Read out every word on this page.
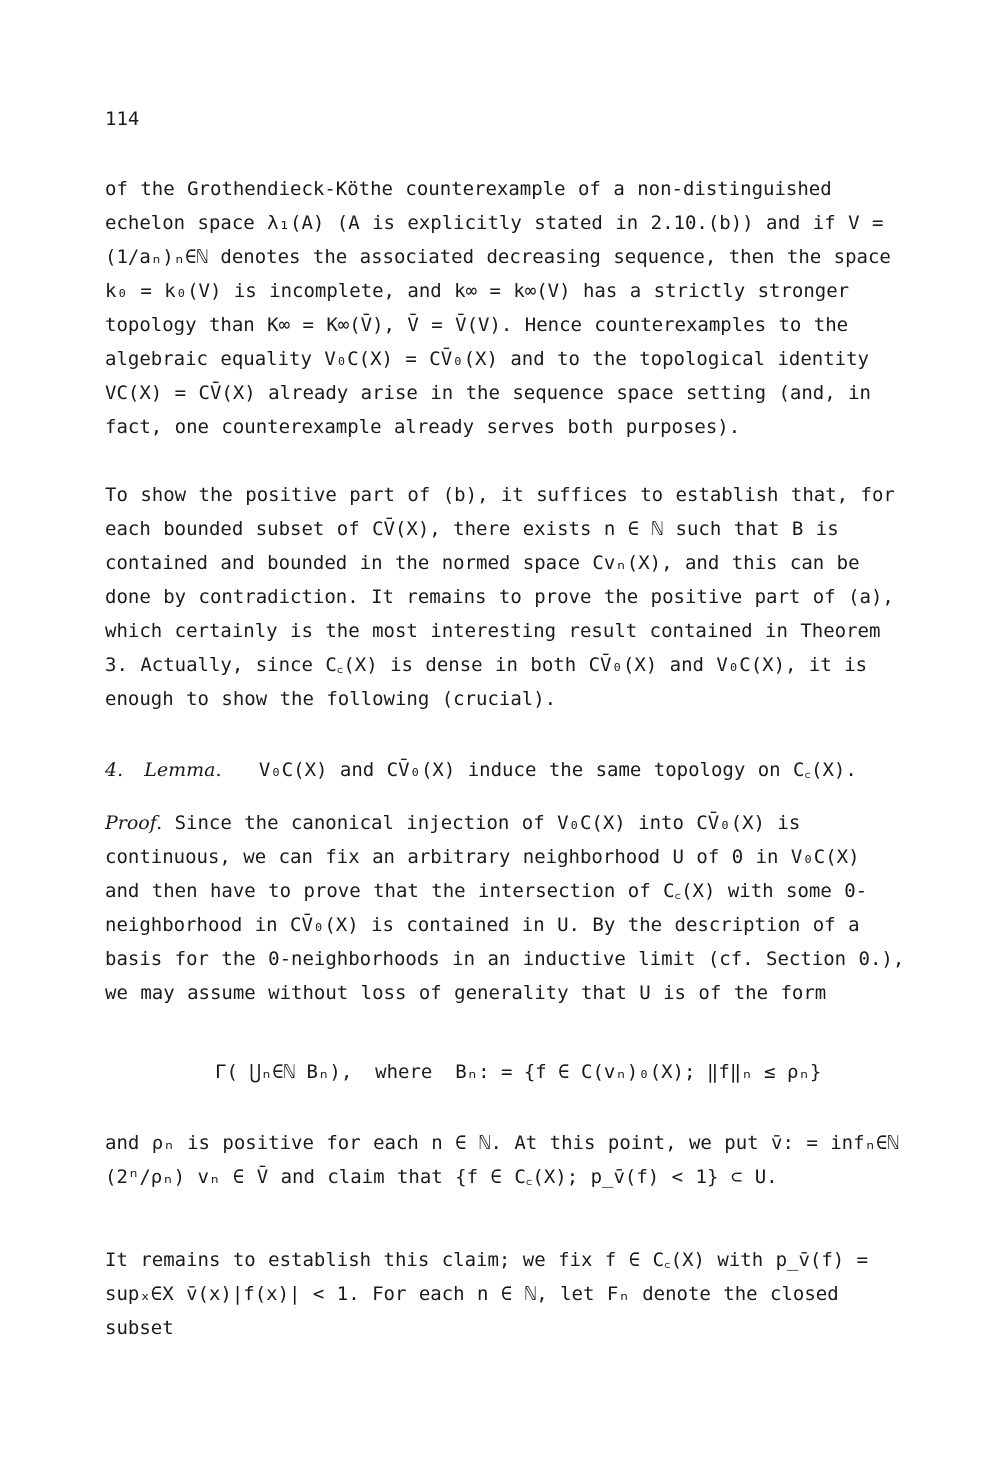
114

of the Grothendieck-Köthe counterexample of a non-distinguished echelon space λ₁(A) (A is explicitly stated in 2.10.(b)) and if V = (1/aₙ)ₙ∈ℕ denotes the associated decreasing sequence, then the space k₀ = k₀(V) is incomplete, and k∞ = k∞(V) has a strictly stronger topology than K∞ = K∞(V̄), V̄ = V̄(V). Hence counterexamples to the algebraic equality V₀C(X) = CV̄₀(X) and to the topological identity VC(X) = CV̄(X) already arise in the sequence space setting (and, in fact, one counterexample already serves both purposes).

To show the positive part of (b), it suffices to establish that, for each bounded subset of CV̄(X), there exists n ∈ ℕ such that B is contained and bounded in the normed space Cvₙ(X), and this can be done by contradiction. It remains to prove the positive part of (a), which certainly is the most interesting result contained in Theorem 3. Actually, since C꜀(X) is dense in both CV̄₀(X) and V₀C(X), it is enough to show the following (crucial).

4.   Lemma. V₀C(X) and CV̄₀(X) induce the same topology on C꜀(X).

Proof. Since the canonical injection of V₀C(X) into CV̄₀(X) is continuous, we can fix an arbitrary neighborhood U of 0 in V₀C(X) and then have to prove that the intersection of C꜀(X) with some 0-neighborhood in CV̄₀(X) is contained in U. By the description of a basis for the 0-neighborhoods in an inductive limit (cf. Section 0.), we may assume without loss of generality that U is of the form

Γ( ⋃ₙ∈ℕ Bₙ),  where  Bₙ: = {f ∈ C(vₙ)₀(X); ‖f‖ₙ ≤ ρₙ}

and ρₙ is positive for each n ∈ ℕ. At this point, we put v̄: = infₙ∈ℕ (2ⁿ/ρₙ) vₙ ∈ V̄ and claim that {f ∈ C꜀(X); p_v̄(f) < 1} ⊂ U.

It remains to establish this claim; we fix f ∈ C꜀(X) with p_v̄(f) = supₓ∈X v̄(x)|f(x)| < 1. For each n ∈ ℕ, let Fₙ denote the closed subset
